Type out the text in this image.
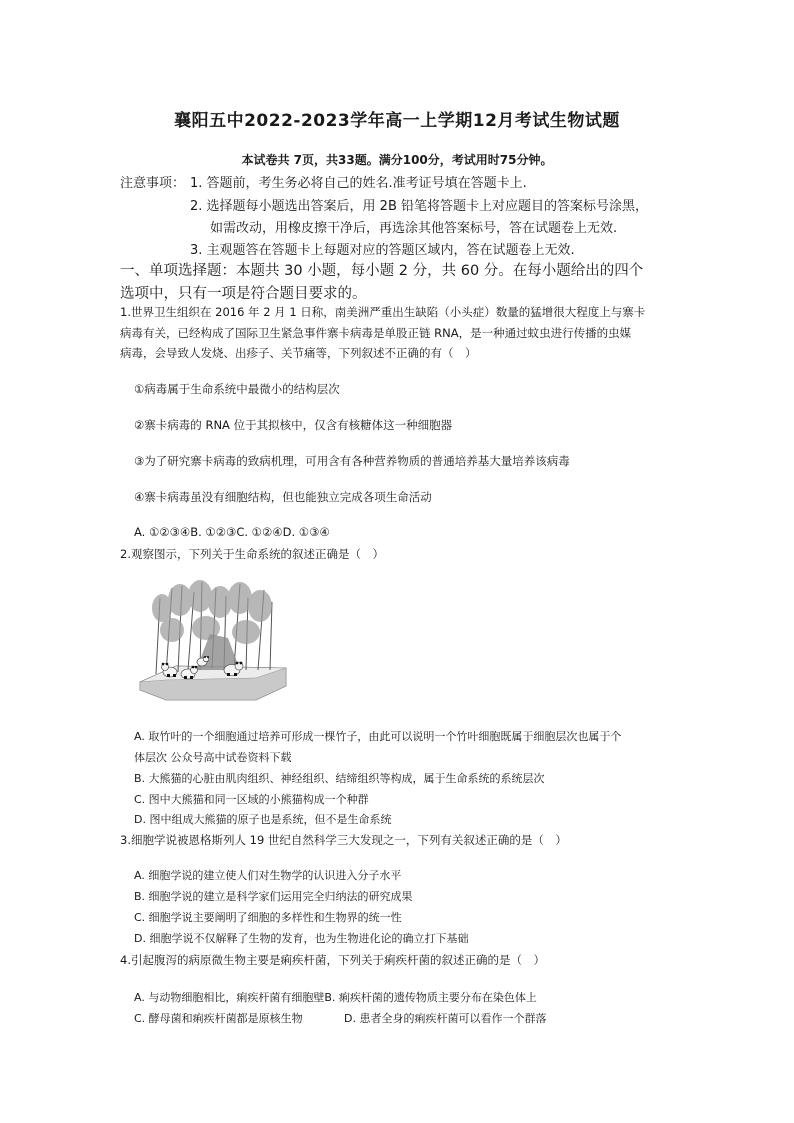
襄阳五中2022-2023学年高一上学期12月考试生物试题
本试卷共 7页，共33题。满分100分，考试用时75分钟。
注意事项： 1. 答题前，考生务必将自己的姓名.准考证号填在答题卡上.
2. 选择题每小题选出答案后，用 2B 铅笔将答题卡上对应题目的答案标号涂黑，
如需改动，用橡皮擦干净后，再选涂其他答案标号，答在试题卷上无效.
3. 主观题答在答题卡上每题对应的答题区域内，答在试题卷上无效.
一、单项选择题：本题共 30 小题，每小题 2 分，共 60 分。在每小题给出的四个
选项中，只有一项是符合题目要求的。
1.世界卫生组织在 2016 年 2 月 1 日称，南美洲严重出生缺陷（小头症）数量的猛增很大程度上与寨卡
病毒有关，已经构成了国际卫生紧急事件寨卡病毒是单股正链 RNA，是一种通过蚊虫进行传播的虫媒
病毒，会导致人发烧、出疹子、关节痛等，下列叙述不正确的有（　）
①病毒属于生命系统中最微小的结构层次
②寨卡病毒的 RNA 位于其拟核中，仅含有核糖体这一种细胞器
③为了研究寨卡病毒的致病机理，可用含有各种营养物质的普通培养基大量培养该病毒
④寨卡病毒虽没有细胞结构，但也能独立完成各项生命活动
A. ①②③④B. ①②③C. ①②④D. ①③④
2.观察图示，下列关于生命系统的叙述正确是（　）
A. 取竹叶的一个细胞通过培养可形成一棵竹子，由此可以说明一个竹叶细胞既属于细胞层次也属于个
体层次 公众号高中试卷资料下载
B. 大熊猫的心脏由肌肉组织、神经组织、结缔组织等构成，属于生命系统的系统层次
C. 图中大熊猫和同一区域的小熊猫构成一个种群
D. 图中组成大熊猫的原子也是系统，但不是生命系统
3.细胞学说被恩格斯列人 19 世纪自然科学三大发现之一，下列有关叙述正确的是（　）
A. 细胞学说的建立使人们对生物学的认识进入分子水平
B. 细胞学说的建立是科学家们运用完全归纳法的研究成果
C. 细胞学说主要阐明了细胞的多样性和生物界的统一性
D. 细胞学说不仅解释了生物的发育，也为生物进化论的确立打下基础
4.引起腹泻的病原微生物主要是痢疾杆菌，下列关于痢疾杆菌的叙述正确的是（　）
A. 与动物细胞相比，痢疾杆菌有细胞壁B. 痢疾杆菌的遗传物质主要分布在染色体上
C. 酵母菌和痢疾杆菌都是原核生物	D. 患者全身的痢疾杆菌可以看作一个群落
